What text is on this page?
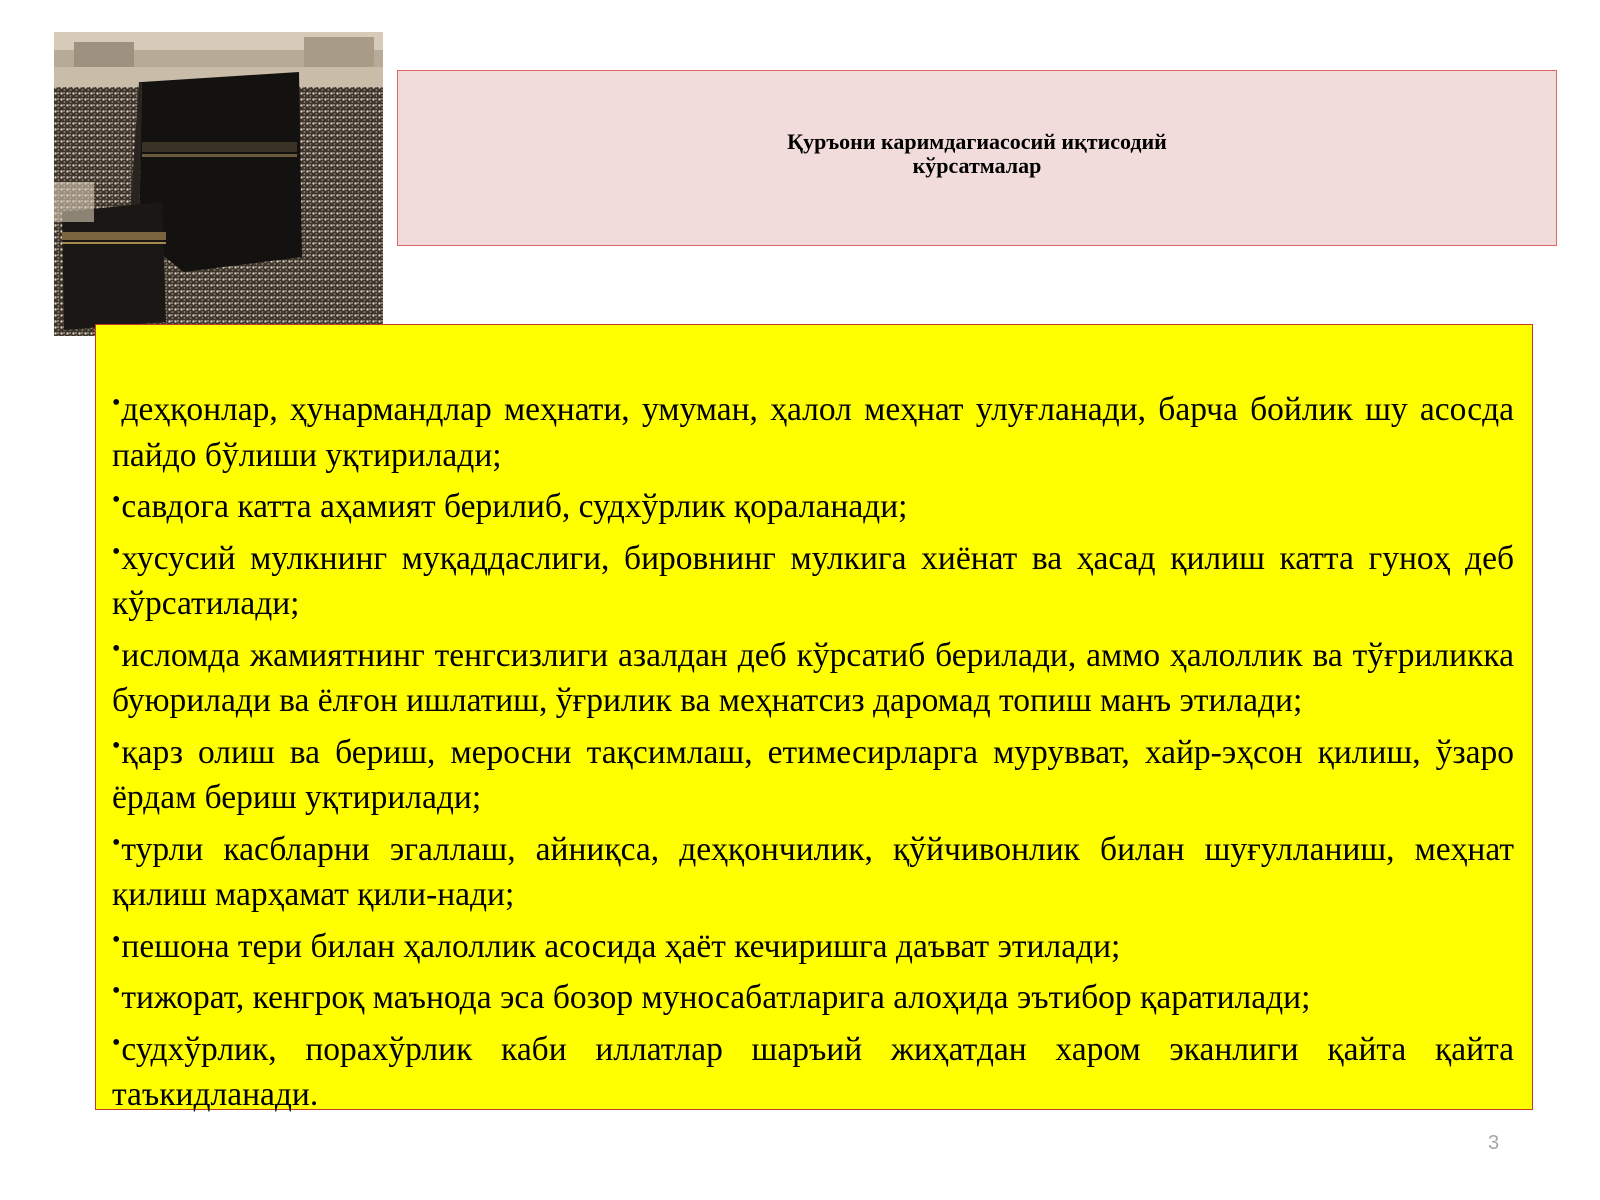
Қуръони каримдагиасосий иқтисодий
кўрсатмалар
•деҳқонлар, ҳунармандлар меҳнати, умуман, ҳалол меҳнат улуғланади, барча бойлик шу асосда пайдо бўлиши уқтирилади;
•савдога катта аҳамият берилиб, судхўрлик қораланади;
•хусусий мулкнинг муқаддаслиги, бировнинг мулкига хиёнат ва ҳасад қилиш катта гуноҳ деб кўрсатилади;
•исломда жамиятнинг тенгсизлиги азалдан деб кўрсатиб берилади, аммо ҳалоллик ва тўғриликка буюрилади ва ёлғон ишлатиш, ўғрилик ва меҳнатсиз даромад топиш манъ этилади;
•қарз олиш ва бериш, меросни тақсимлаш, етимесирларга мурувват, хайр-эҳсон қилиш, ўзаро ёрдам бериш уқтирилади;
•турли касбларни эгаллаш, айниқса, деҳқончилик, қўйчивонлик билан шуғулланиш, меҳнат қилиш марҳамат қили-нади;
•пешона тери билан ҳалоллик асосида ҳаёт кечиришга даъват этилади;
•тижорат, кенгроқ маънода эса бозор муносабатларига алоҳида эътибор қаратилади;
•судхўрлик, порахўрлик каби иллатлар шаръий жиҳатдан харом эканлиги қайта қайта таъкидланади.
3
